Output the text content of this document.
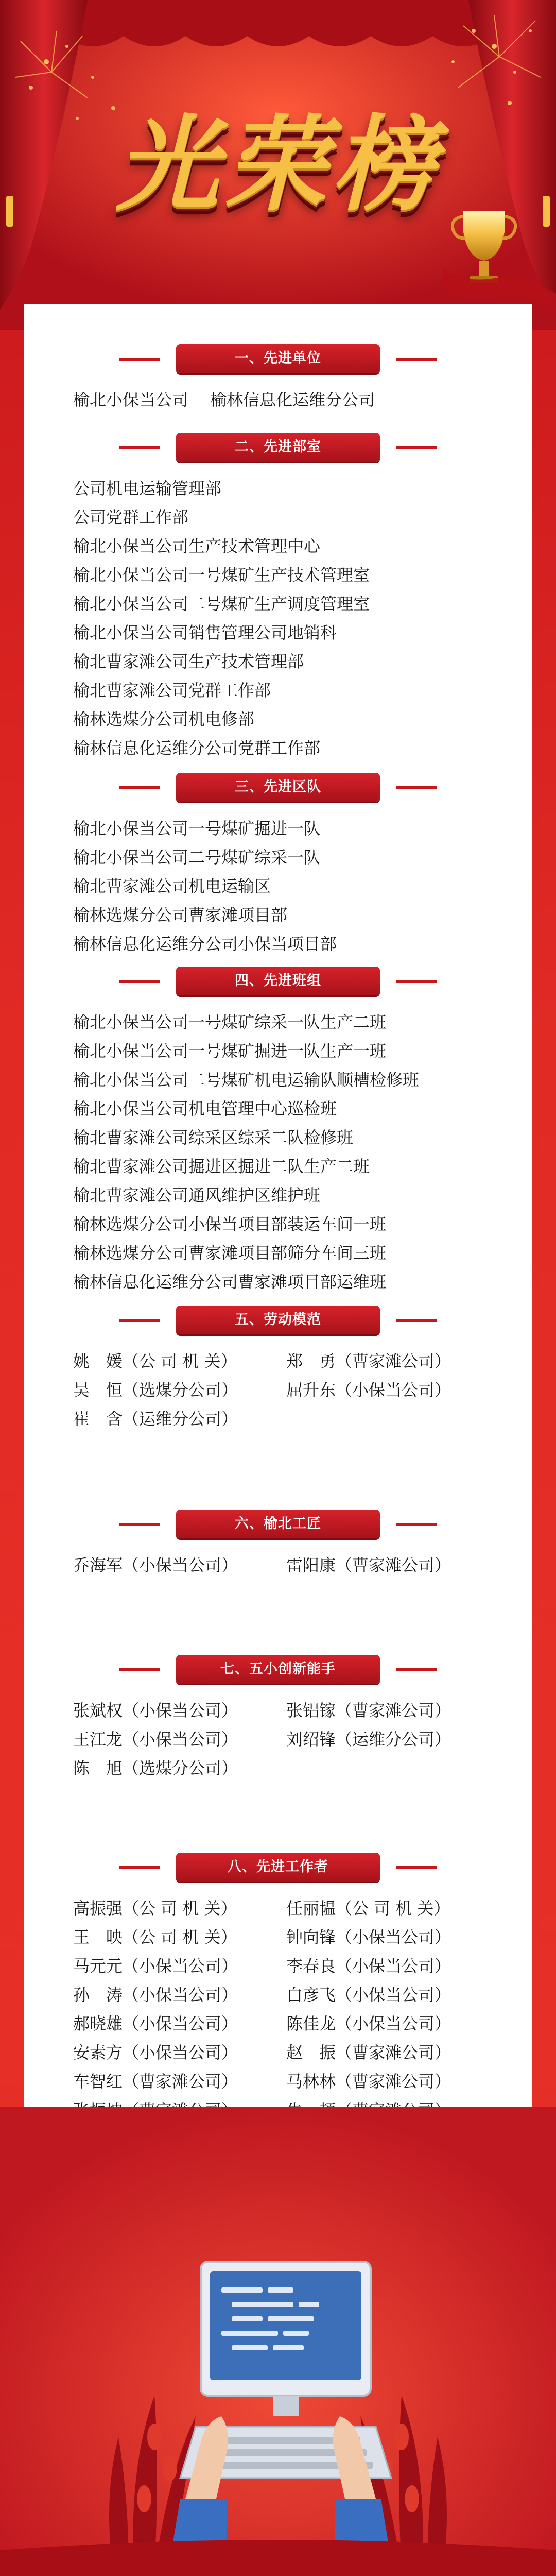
光荣榜
一、先进单位
榆北小保当公司　 榆林信息化运维分公司
二、先进部室
公司机电运输管理部
公司党群工作部
榆北小保当公司生产技术管理中心
榆北小保当公司一号煤矿生产技术管理室
榆北小保当公司二号煤矿生产调度管理室
榆北小保当公司销售管理公司地销科
榆北曹家滩公司生产技术管理部
榆北曹家滩公司党群工作部
榆林选煤分公司机电修部
榆林信息化运维分公司党群工作部
三、先进区队
榆北小保当公司一号煤矿掘进一队
榆北小保当公司二号煤矿综采一队
榆北曹家滩公司机电运输区
榆林选煤分公司曹家滩项目部
榆林信息化运维分公司小保当项目部
四、先进班组
榆北小保当公司一号煤矿综采一队生产二班
榆北小保当公司一号煤矿掘进一队生产一班
榆北小保当公司二号煤矿机电运输队顺槽检修班
榆北小保当公司机电管理中心巡检班
榆北曹家滩公司综采区综采二队检修班
榆北曹家滩公司掘进区掘进二队生产二班
榆北曹家滩公司通风维护区维护班
榆林选煤分公司小保当项目部装运车间一班
榆林选煤分公司曹家滩项目部筛分车间三班
榆林信息化运维分公司曹家滩项目部运维班
五、劳动模范
姚　媛（公 司 机 关）	郑　勇（曹家滩公司）
吴　恒（选煤分公司）	屈升东（小保当公司）
崔　含（运维分公司）
六、榆北工匠
乔海军（小保当公司）	雷阳康（曹家滩公司）
七、五小创新能手
张斌权（小保当公司）	张铝镓（曹家滩公司）
王江龙（小保当公司）	刘绍锋（运维分公司）
陈　旭（选煤分公司）
八、先进工作者
高振强（公 司 机 关）	任丽韫（公 司 机 关）
王　映（公 司 机 关）	钟向锋（小保当公司）
马元元（小保当公司）	李春良（小保当公司）
孙　涛（小保当公司）	白彦飞（小保当公司）
郝晓雄（小保当公司）	陈佳龙（小保当公司）
安素方（小保当公司）	赵　振（曹家滩公司）
车智红（曹家滩公司）	马林林（曹家滩公司）
